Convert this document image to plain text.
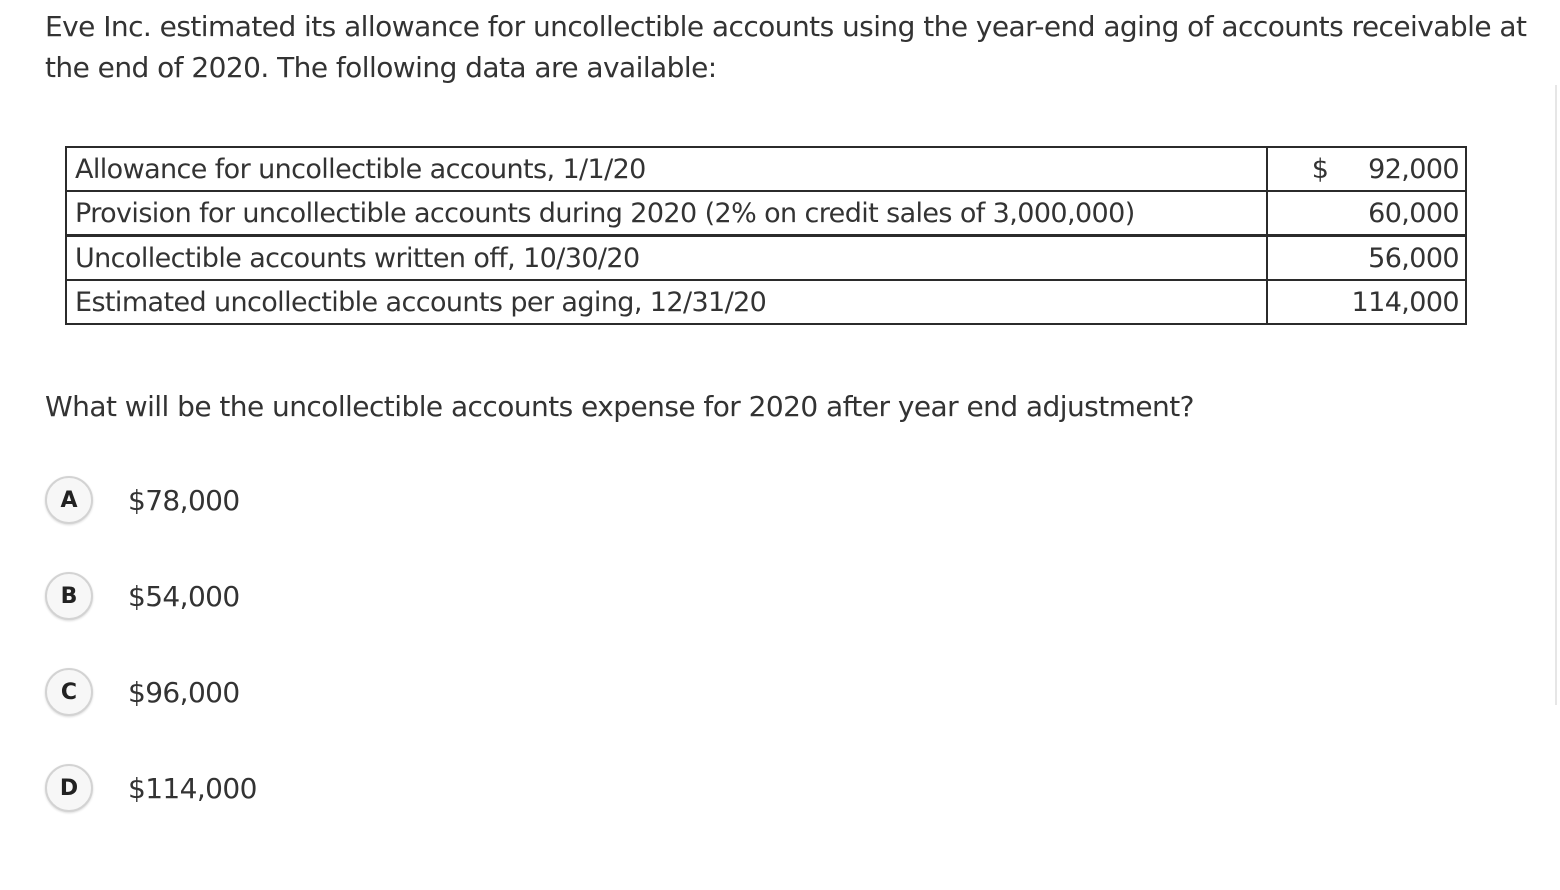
Eve Inc. estimated its allowance for uncollectible accounts using the year-end aging of accounts receivable at
the end of 2020. The following data are available:
Allowance for uncollectible accounts, 1/1/20	$ 92,000
Provision for uncollectible accounts during 2020 (2% on credit sales of 3,000,000)	60,000
Uncollectible accounts written off, 10/30/20	56,000
Estimated uncollectible accounts per aging, 12/31/20	114,000
What will be the uncollectible accounts expense for 2020 after year end adjustment?
A	$78,000
B	$54,000
C	$96,000
D	$114,000
